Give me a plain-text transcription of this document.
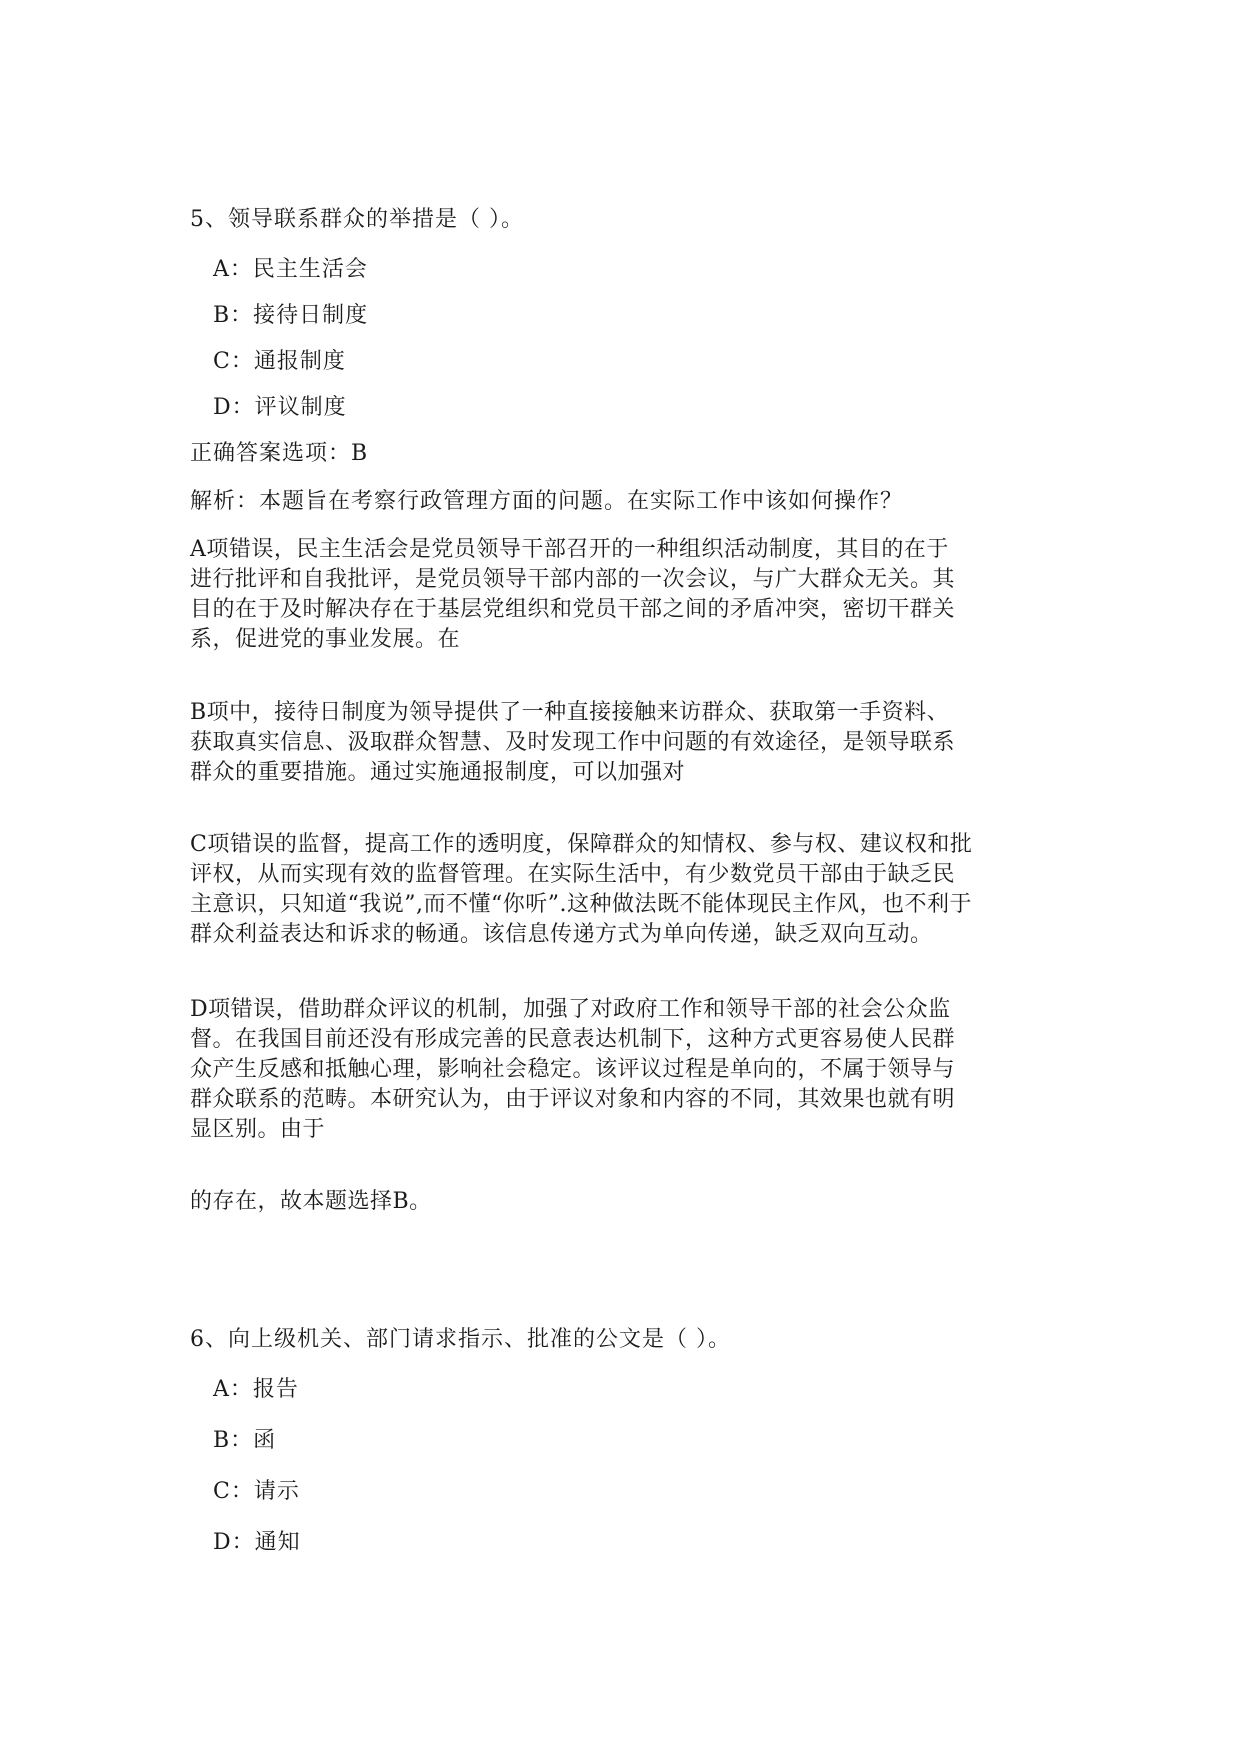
5、领导联系群众的举措是（ ）。
A：民主生活会
B：接待日制度
C：通报制度
D：评议制度
正确答案选项：B
解析：本题旨在考察行政管理方面的问题。在实际工作中该如何操作？
A项错误，民主生活会是党员领导干部召开的一种组织活动制度，其目的在于
进行批评和自我批评，是党员领导干部内部的一次会议，与广大群众无关。其
目的在于及时解决存在于基层党组织和党员干部之间的矛盾冲突，密切干群关
系，促进党的事业发展。在
B项中，接待日制度为领导提供了一种直接接触来访群众、获取第一手资料、
获取真实信息、汲取群众智慧、及时发现工作中问题的有效途径，是领导联系
群众的重要措施。通过实施通报制度，可以加强对
C项错误的监督，提高工作的透明度，保障群众的知情权、参与权、建议权和批
评权，从而实现有效的监督管理。在实际生活中，有少数党员干部由于缺乏民
主意识，只知道“我说”,而不懂“你听”.这种做法既不能体现民主作风，也不利于
群众利益表达和诉求的畅通。该信息传递方式为单向传递，缺乏双向互动。
D项错误，借助群众评议的机制，加强了对政府工作和领导干部的社会公众监
督。在我国目前还没有形成完善的民意表达机制下，这种方式更容易使人民群
众产生反感和抵触心理，影响社会稳定。该评议过程是单向的，不属于领导与
群众联系的范畴。本研究认为，由于评议对象和内容的不同，其效果也就有明
显区别。由于
的存在，故本题选择B。
6、向上级机关、部门请求指示、批准的公文是（ ）。
A：报告
B：函
C：请示
D：通知
